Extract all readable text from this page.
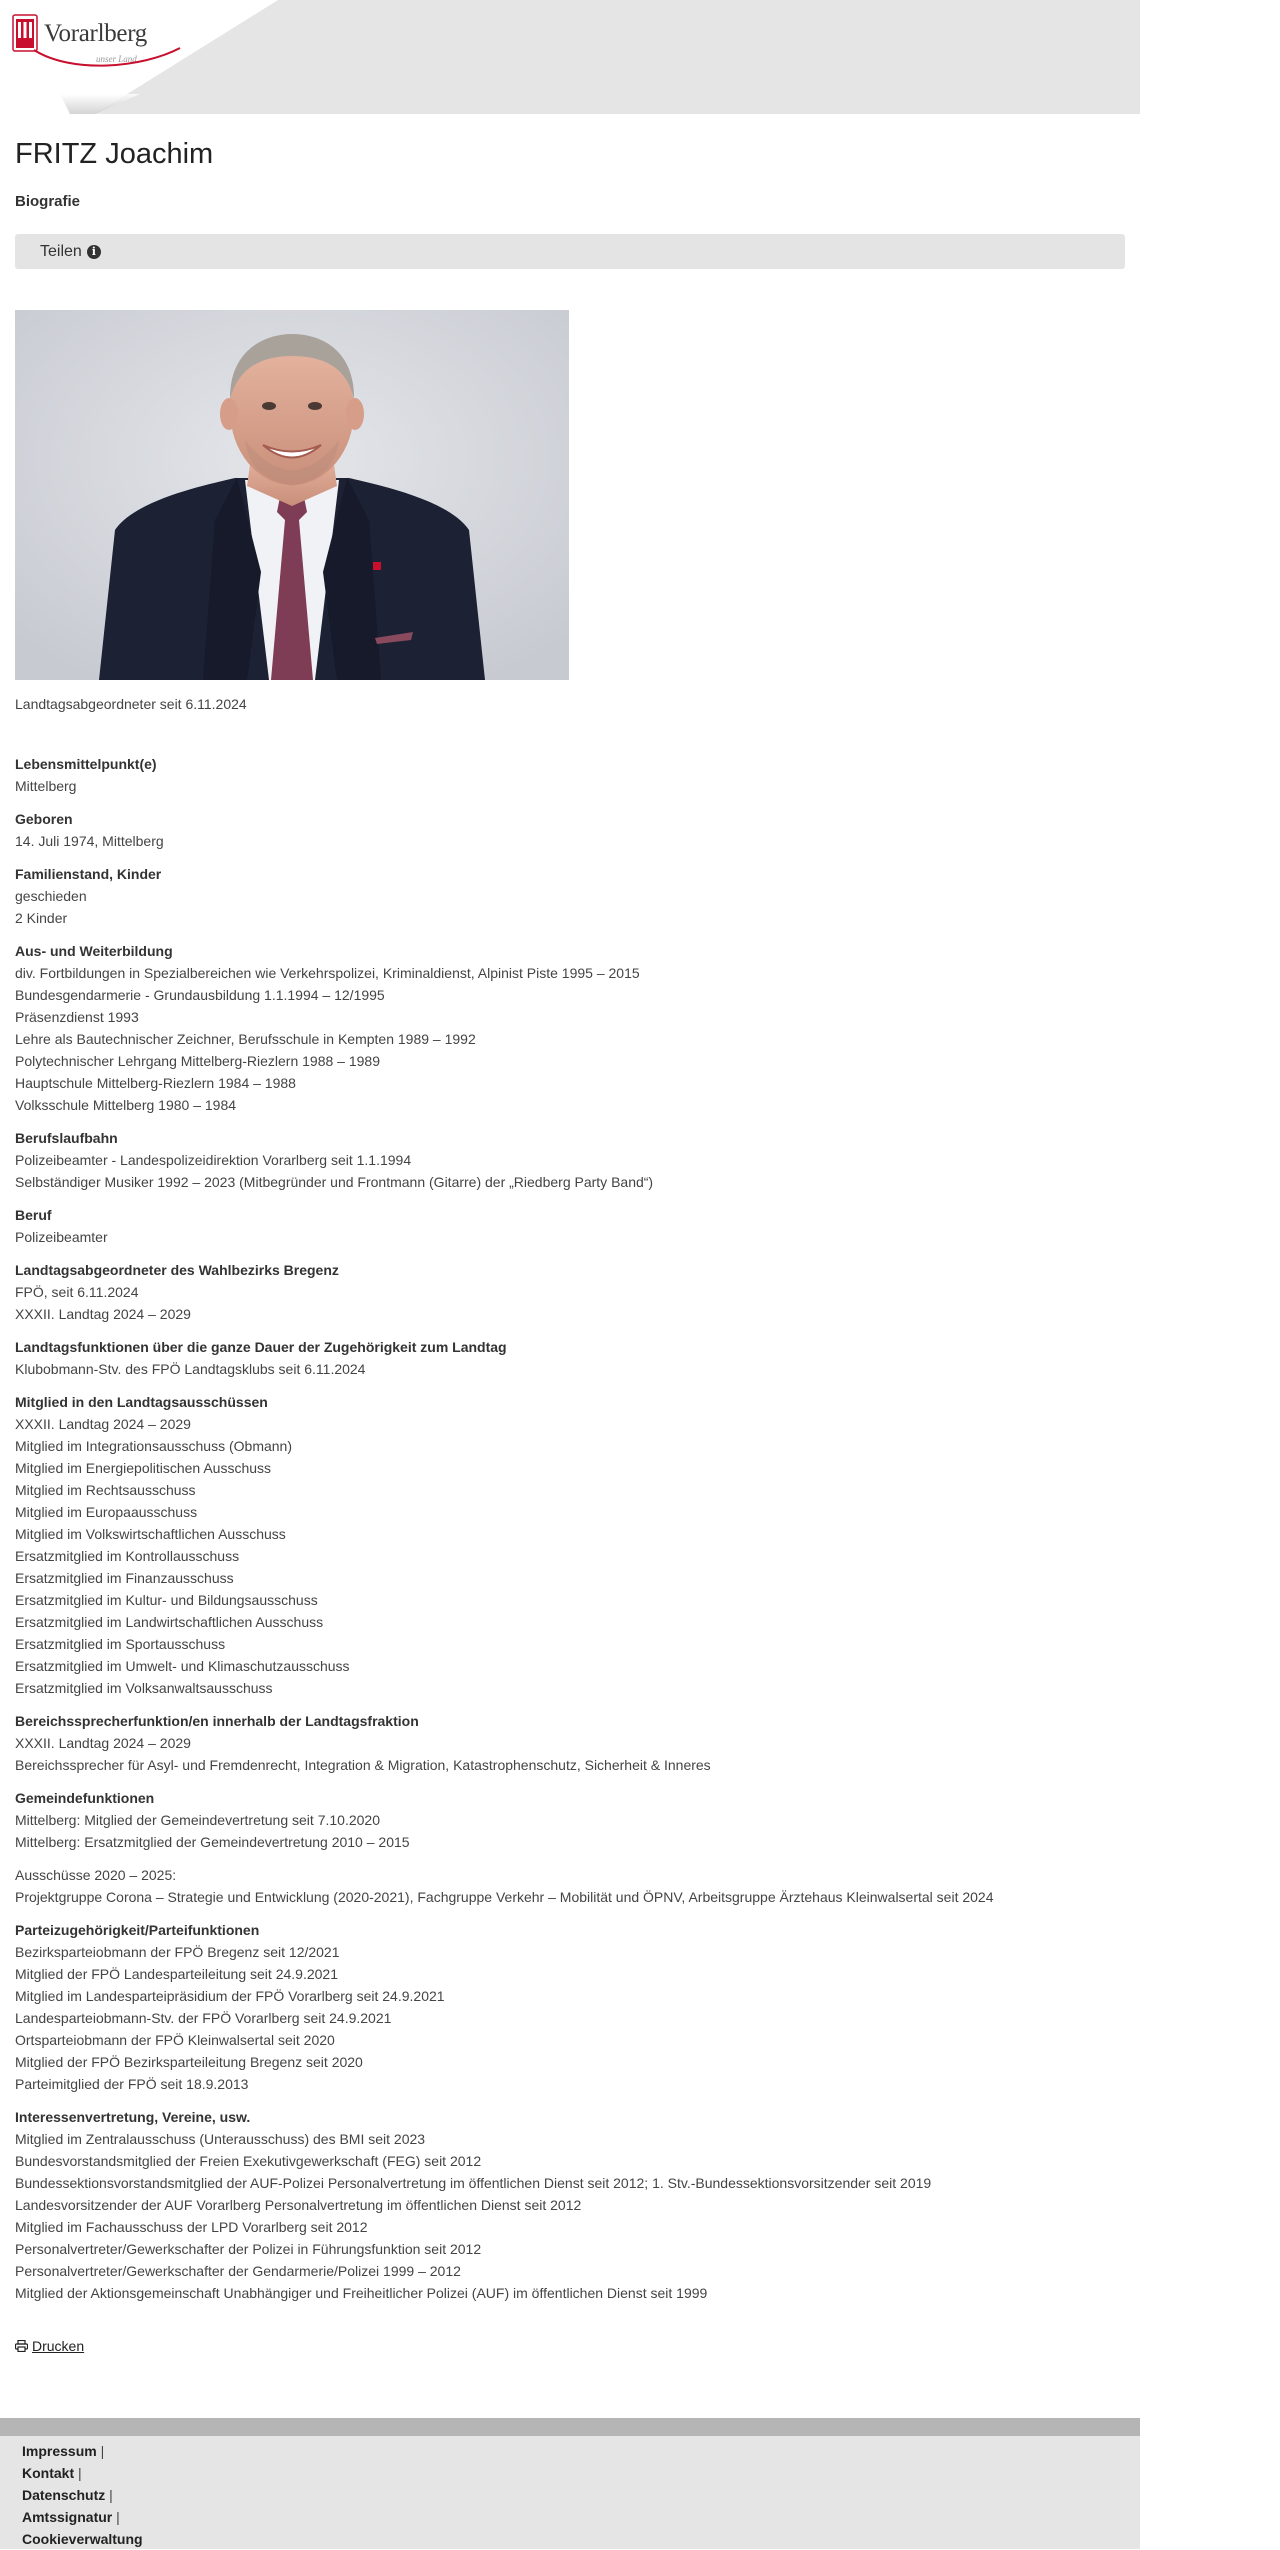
Vorarlberg
unser Land
FRITZ Joachim
Biografie
Teilen i
Landtagsabgeordneter seit 6.11.2024
Lebensmittelpunkt(e)
Mittelberg
Geboren
14. Juli 1974, Mittelberg
Familienstand, Kinder
geschieden
2 Kinder
Aus- und Weiterbildung
div. Fortbildungen in Spezialbereichen wie Verkehrspolizei, Kriminaldienst, Alpinist Piste 1995 – 2015
Bundesgendarmerie - Grundausbildung 1.1.1994 – 12/1995
Präsenzdienst 1993
Lehre als Bautechnischer Zeichner, Berufsschule in Kempten 1989 – 1992
Polytechnischer Lehrgang Mittelberg-Riezlern 1988 – 1989
Hauptschule Mittelberg-Riezlern 1984 – 1988
Volksschule Mittelberg 1980 – 1984
Berufslaufbahn
Polizeibeamter - Landespolizeidirektion Vorarlberg seit 1.1.1994
Selbständiger Musiker 1992 – 2023 (Mitbegründer und Frontmann (Gitarre) der „Riedberg Party Band“)
Beruf
Polizeibeamter
Landtagsabgeordneter des Wahlbezirks Bregenz
FPÖ, seit 6.11.2024
XXXII. Landtag 2024 – 2029
Landtagsfunktionen über die ganze Dauer der Zugehörigkeit zum Landtag
Klubobmann-Stv. des FPÖ Landtagsklubs seit 6.11.2024
Mitglied in den Landtagsausschüssen
XXXII. Landtag 2024 – 2029
Mitglied im Integrationsausschuss (Obmann)
Mitglied im Energiepolitischen Ausschuss
Mitglied im Rechtsausschuss
Mitglied im Europaausschuss
Mitglied im Volkswirtschaftlichen Ausschuss
Ersatzmitglied im Kontrollausschuss
Ersatzmitglied im Finanzausschuss
Ersatzmitglied im Kultur- und Bildungsausschuss
Ersatzmitglied im Landwirtschaftlichen Ausschuss
Ersatzmitglied im Sportausschuss
Ersatzmitglied im Umwelt- und Klimaschutzausschuss
Ersatzmitglied im Volksanwaltsausschuss
Bereichssprecherfunktion/en innerhalb der Landtagsfraktion
XXXII. Landtag 2024 – 2029
Bereichssprecher für Asyl- und Fremdenrecht, Integration & Migration, Katastrophenschutz, Sicherheit & Inneres
Gemeindefunktionen
Mittelberg: Mitglied der Gemeindevertretung seit 7.10.2020
Mittelberg: Ersatzmitglied der Gemeindevertretung 2010 – 2015
Ausschüsse 2020 – 2025:
Projektgruppe Corona – Strategie und Entwicklung (2020-2021), Fachgruppe Verkehr – Mobilität und ÖPNV, Arbeitsgruppe Ärztehaus Kleinwalsertal seit 2024
Parteizugehörigkeit/Parteifunktionen
Bezirksparteiobmann der FPÖ Bregenz seit 12/2021
Mitglied der FPÖ Landesparteileitung seit 24.9.2021
Mitglied im Landesparteipräsidium der FPÖ Vorarlberg seit 24.9.2021
Landesparteiobmann-Stv. der FPÖ Vorarlberg seit 24.9.2021
Ortsparteiobmann der FPÖ Kleinwalsertal seit 2020
Mitglied der FPÖ Bezirksparteileitung Bregenz seit 2020
Parteimitglied der FPÖ seit 18.9.2013
Interessenvertretung, Vereine, usw.
Mitglied im Zentralausschuss (Unterausschuss) des BMI seit 2023
Bundesvorstandsmitglied der Freien Exekutivgewerkschaft (FEG) seit 2012
Bundessektionsvorstandsmitglied der AUF-Polizei Personalvertretung im öffentlichen Dienst seit 2012; 1. Stv.-Bundessektionsvorsitzender seit 2019
Landesvorsitzender der AUF Vorarlberg Personalvertretung im öffentlichen Dienst seit 2012
Mitglied im Fachausschuss der LPD Vorarlberg seit 2012
Personalvertreter/Gewerkschafter der Polizei in Führungsfunktion seit 2012
Personalvertreter/Gewerkschafter der Gendarmerie/Polizei 1999 – 2012
Mitglied der Aktionsgemeinschaft Unabhängiger und Freiheitlicher Polizei (AUF) im öffentlichen Dienst seit 1999
Drucken
Impressum |
Kontakt |
Datenschutz |
Amtssignatur |
Cookieverwaltung
